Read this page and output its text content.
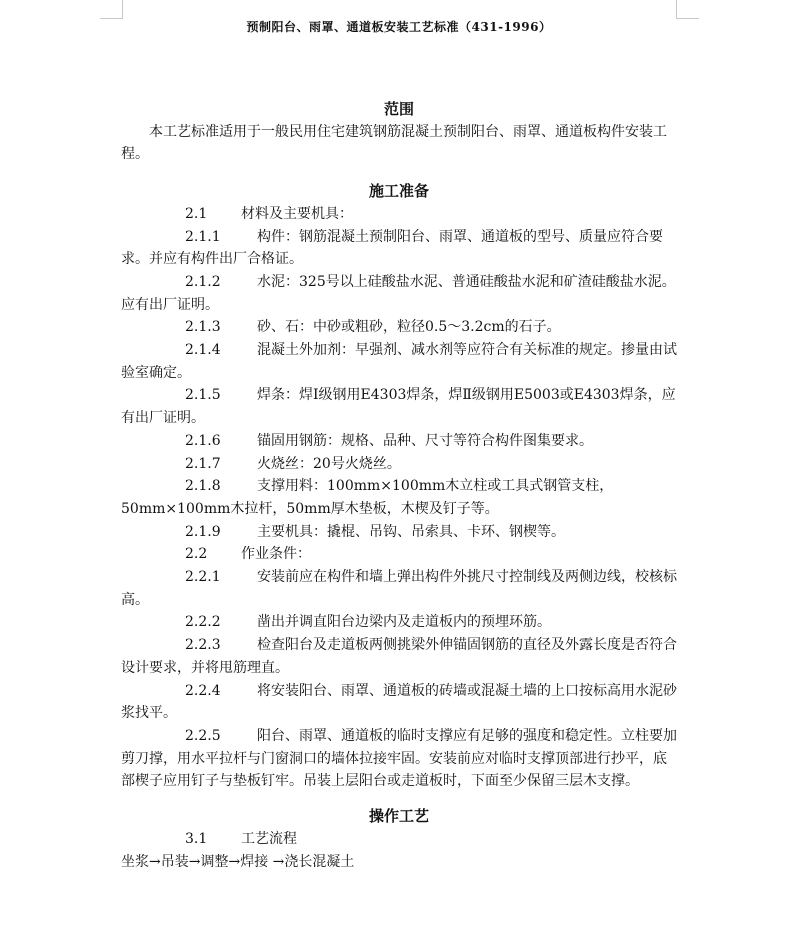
预制阳台、雨罩、通道板安装工艺标准（431-1996）
范围
本工艺标准适用于一般民用住宅建筑钢筋混凝土预制阳台、雨罩、通道板构件安装工程。
施工准备
2.1 材料及主要机具：
2.1.1	构件：钢筋混凝土预制阳台、雨罩、通道板的型号、质量应符合要求。并应有构件出厂合格证。
2.1.2	水泥：325号以上硅酸盐水泥、普通硅酸盐水泥和矿渣硅酸盐水泥。应有出厂证明。
2.1.3	砂、石：中砂或粗砂，粒径0.5～3.2cm的石子。
2.1.4	混凝土外加剂：早强剂、减水剂等应符合有关标准的规定。掺量由试验室确定。
2.1.5	焊条：焊Ⅰ级钢用E4303焊条，焊Ⅱ级钢用E5003或E4303焊条，应有出厂证明。
2.1.6	锚固用钢筋：规格、品种、尺寸等符合构件图集要求。
2.1.7	火烧丝：20号火烧丝。
2.1.8	支撑用料：100mm×100mm木立柱或工具式钢管支柱，50mm×100mm木拉杆，50mm厚木垫板，木楔及钉子等。
2.1.9	主要机具：撬棍、吊钩、吊索具、卡环、钢楔等。
2.2 作业条件：
2.2.1	安装前应在构件和墙上弹出构件外挑尺寸控制线及两侧边线，校核标高。
2.2.2	凿出并调直阳台边梁内及走道板内的预埋环筋。
2.2.3	检查阳台及走道板两侧挑梁外伸锚固钢筋的直径及外露长度是否符合设计要求，并将甩筋理直。
2.2.4	将安装阳台、雨罩、通道板的砖墙或混凝土墙的上口按标高用水泥砂浆找平。
2.2.5	阳台、雨罩、通道板的临时支撑应有足够的强度和稳定性。立柱要加剪刀撑，用水平拉杆与门窗洞口的墙体拉接牢固。安装前应对临时支撑顶部进行抄平，底部楔子应用钉子与垫板钉牢。吊装上层阳台或走道板时，下面至少保留三层木支撑。
操作工艺
3.1 工艺流程
坐浆→吊装→调整→焊接 →浇长混凝土
